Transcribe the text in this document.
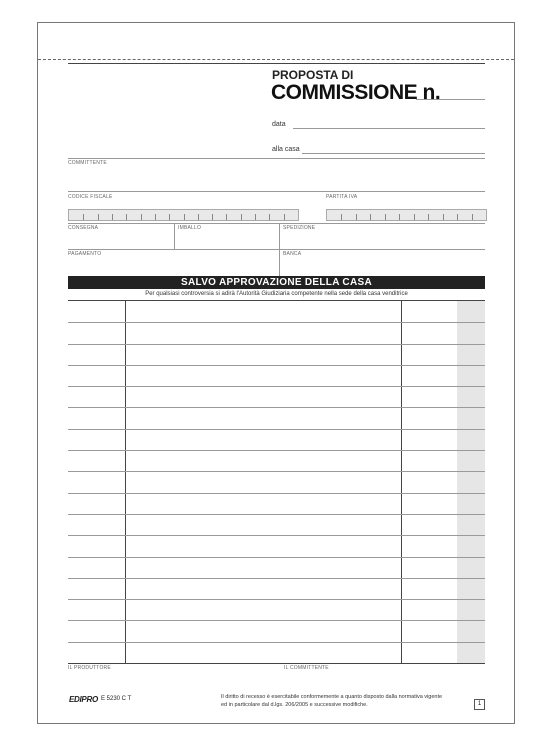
PROPOSTA DI
COMMISSIONE n.
data
alla casa
COMMITTENTE
CODICE FISCALE	PARTITA IVA
CONSEGNA	IMBALLO	SPEDIZIONE
PAGAMENTO	BANCA
SALVO APPROVAZIONE DELLA CASA
Per qualsiasi controversia si adirà l'Autorità Giudiziaria competente nella sede della casa venditrice
IL PRODUTTORE	IL COMMITTENTE
EDIPRO E 5230 C T	Il diritto di recesso è esercitabile conformemente a quanto disposto dalla normativa vigente
ed in particolare dal d.lgs. 206/2005 e successive modifiche.	1
